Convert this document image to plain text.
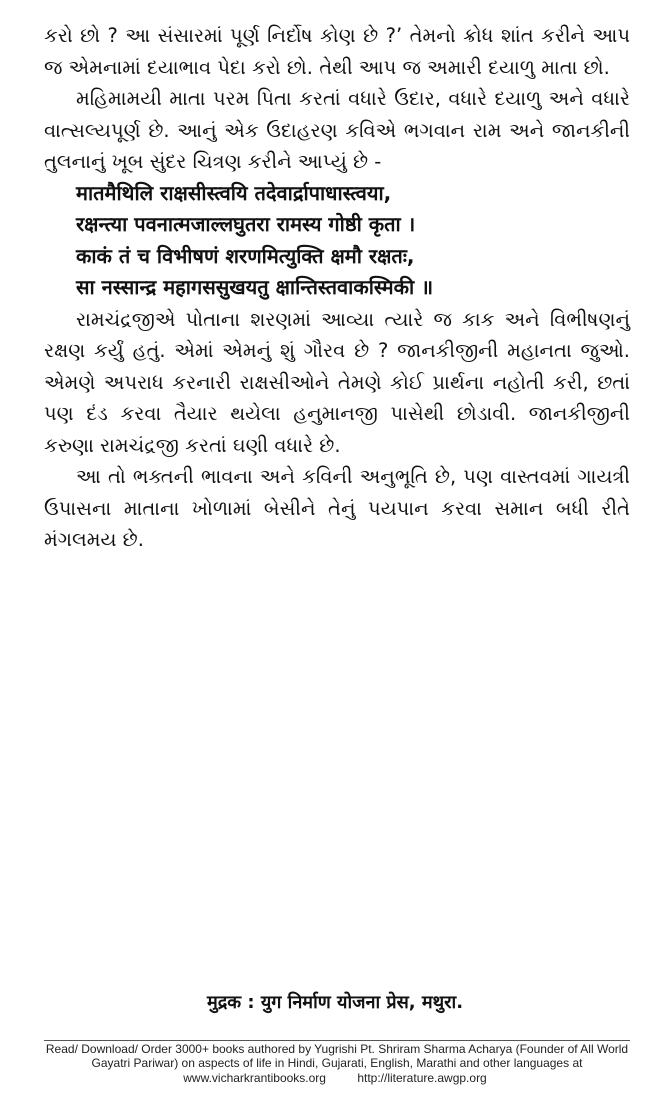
કરો છો ? આ સંસારમાં પૂર્ણ નિર્દોષ કોણ છે ?’ તેમનો ક્રોધ શાંત કરીને આપ જ એમનામાં દયાભાવ પેદા કરો છો. તેથી આપ જ અમારી દયાળુ માતા છો.

મહિમામયી માતા પરમ પિતા કરતાં વધારે ઉદાર, વધારે દયાળુ અને વધારે વાત્સલ્યપૂર્ણ છે. આનું એક ઉદાહરણ કવિએ ભગવાન રામ અને જાનકીની તુલનાનું ખૂબ સુંદર ચિત્રણ કરીને આપ્યું છે -

मातमैथिलि राक्षसीस्त्वयि तदेवार्द्रापाधास्त्वया,
रक्षन्त्या पवनात्मजाल्लघुतरा रामस्य गोष्ठी कृता ।
काकं तं च विभीषणं शरणमित्युक्ति क्षमौ रक्षतः,
सा नस्सान्द्र महागससुखयतु क्षान्तिस्तवाकस्मिकी ॥

રામચંદ્રજીએ પોતાના શરણમાં આવ્યા ત્યારે જ કાક અને વિભીષણનું રક્ષણ કર્યું હતું. એમાં એમનું શું ગૌરવ છે ? જાનકીજીની મહાનતા જુઓ. એમણે અપરાધ કરનારી રાક્ષસીઓને તેમણે કોઈ પ્રાર્થના નહોતી કરી, છતાં પણ દંડ કરવા તૈયાર થયેલા હનુમાનજી પાસેથી છોડાવી. જાનકીજીની કરુણા રામચંદ્રજી કરતાં ઘણી વધારે છે.

આ તો ભક્તની ભાવના અને કવિની અનુભૂતિ છે, પણ વાસ્તવમાં ગાયત્રી ઉપાસના માતાના ખોળામાં બેસીને તેનું પયપાન કરવા સમાન બધી રીતે મંગલમય છે.

मुद्रक : युग निर्माण योजना प्रेस, मथुरा.
Read/ Download/ Order 3000+ books authored by Yugrishi Pt. Shriram Sharma Acharya (Founder of All World Gayatri Pariwar) on aspects of life in Hindi, Gujarati, English, Marathi and other languages at
www.vicharkrantibooks.org	http://literature.awgp.org
